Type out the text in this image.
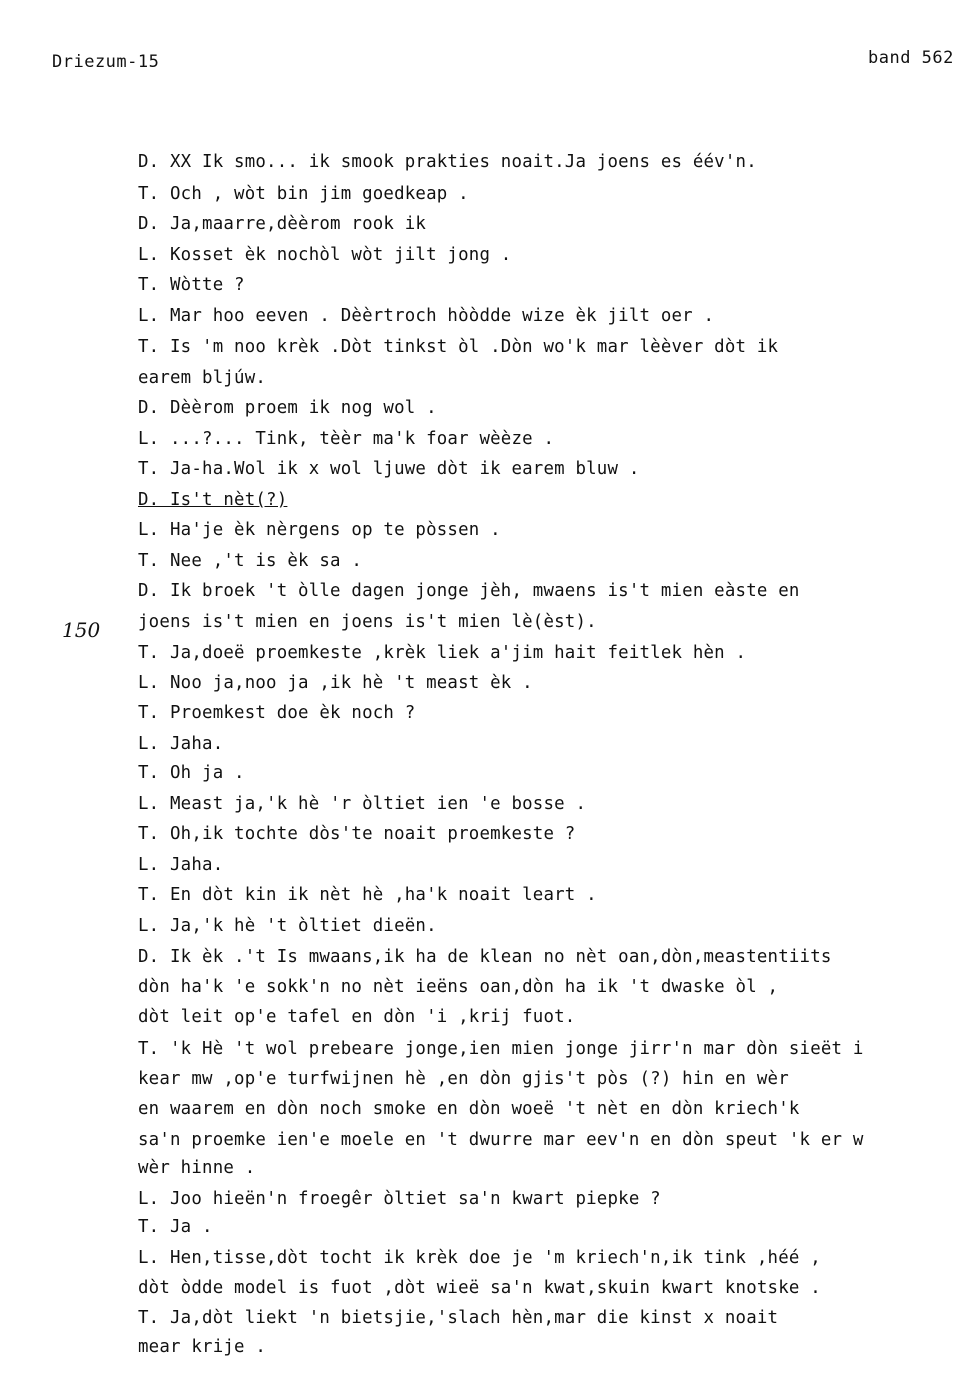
Driezum-15	band 562
150
D. XX Ik smo... ik smook prakties noait.Ja joens es éév'n.
T. Och , wòt bin jim goedkeap .
D. Ja,maarre,dèèrom rook ik
L. Kosset èk nochòl wòt jilt jong .
T. Wòtte ?
L. Mar hoo eeven . Dèèrtroch hòòdde wize èk jilt oer .
T. Is 'm noo krèk .Dòt tinkst òl .Dòn wo'k mar lèèver dòt ik
earem bljúw.
D. Dèèrom proem ik nog wol .
L. ...?... Tink, tèèr ma'k foar wèèze .
T. Ja-ha.Wol ik x wol ljuwe dòt ik earem bluw .
D. Is't nèt(?)
L. Ha'je èk nèrgens op te pòssen .
T. Nee ,'t is èk sa .
D. Ik broek 't òlle dagen jonge jèh, mwaens is't mien eàste en
joens is't mien en joens is't mien lè(èst).
T. Ja,doeë proemkeste ,krèk liek a'jim hait feitlek hèn .
L. Noo ja,noo ja ,ik hè 't meast èk .
T. Proemkest doe èk noch ?
L. Jaha.
T. Oh ja .
L. Meast ja,'k hè 'r òltiet ien 'e bosse .
T. Oh,ik tochte dòs'te noait proemkeste ?
L. Jaha.
T. En dòt kin ik nèt hè ,ha'k noait leart .
L. Ja,'k hè 't òltiet dieën.
D. Ik èk .'t Is mwaans,ik ha de klean no nèt oan,dòn,meastentiits
dòn ha'k 'e sokk'n no nèt ieëns oan,dòn ha ik 't dwaske òl ,
dòt leit op'e tafel en dòn 'i ,krij fuot.
T. 'k Hè 't wol prebeare jonge,ien mien jonge jirr'n mar dòn sieët i
kear mw ,op'e turfwijnen hè ,en dòn gjis't pòs (?) hin en wèr
en waarem en dòn noch smoke en dòn woeë 't nèt en dòn kriech'k
sa'n proemke ien'e moele en 't dwurre mar eev'n en dòn speut 'k er w
wèr hinne .
L. Joo hieën'n froegêr òltiet sa'n kwart piepke ?
T. Ja .
L. Hen,tisse,dòt tocht ik krèk doe je 'm kriech'n,ik tink ,héé ,
dòt òdde model is fuot ,dòt wieë sa'n kwat,skuin kwart knotske .
T. Ja,dòt liekt 'n bietsjie,'slach hèn,mar die kinst x noait
mear krije .
